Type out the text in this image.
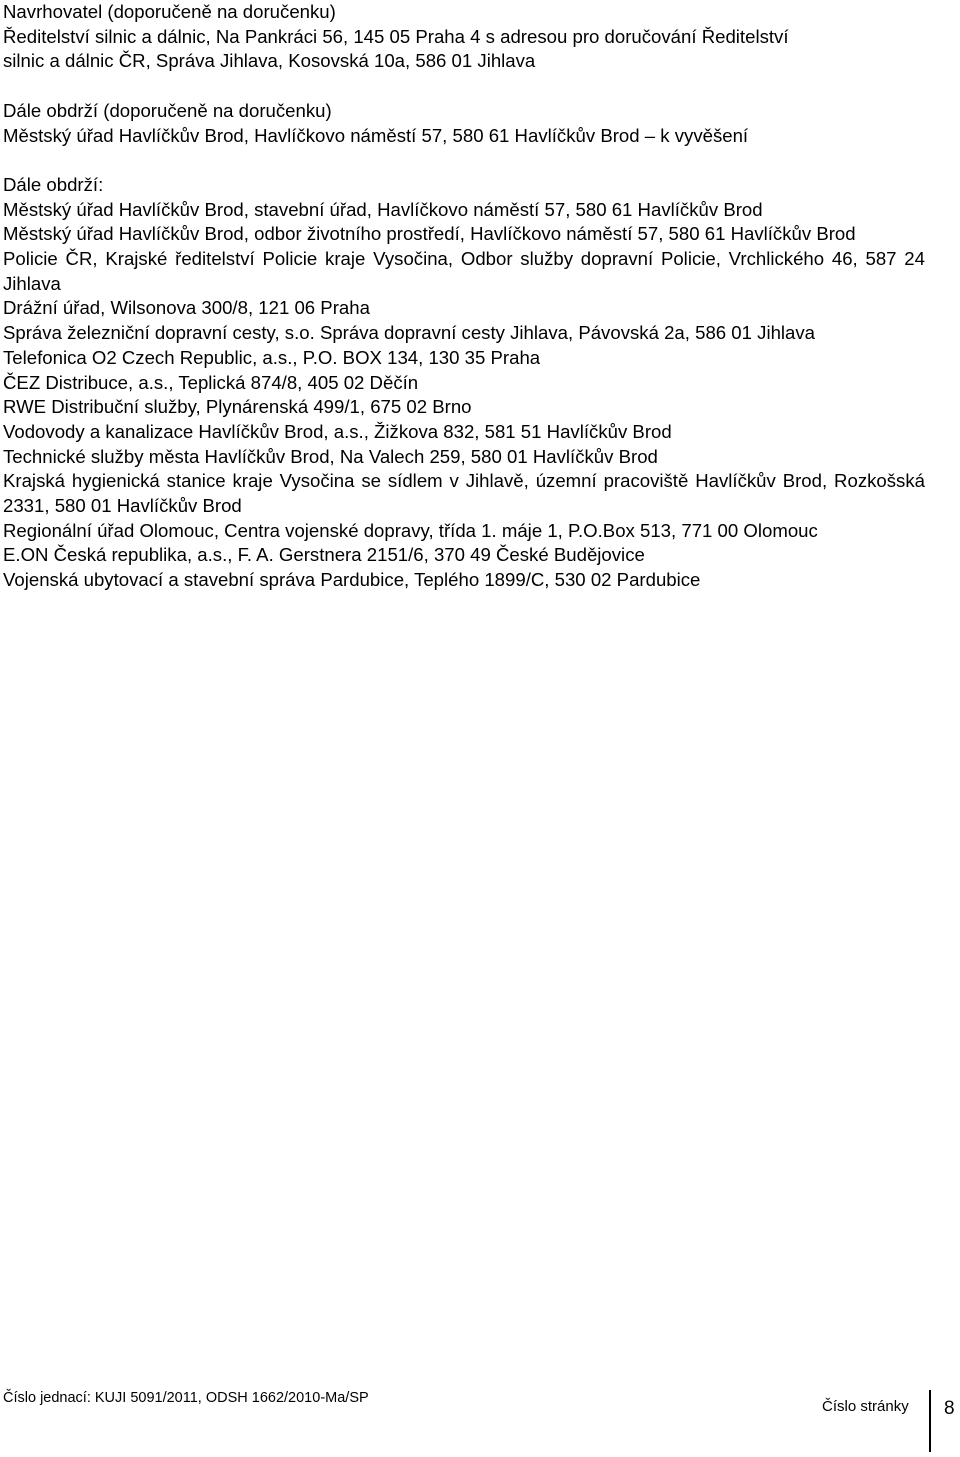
Navrhovatel (doporučeně na doručenku)
Ředitelství silnic a dálnic, Na Pankráci 56, 145 05 Praha 4 s adresou pro doručování Ředitelství
silnic a dálnic ČR, Správa Jihlava, Kosovská 10a, 586 01 Jihlava
Dále obdrží (doporučeně na doručenku)
Městský úřad Havlíčkův Brod, Havlíčkovo náměstí 57, 580 61 Havlíčkův Brod – k vyvěšení
Dále obdrží:
Městský úřad Havlíčkův Brod, stavební úřad, Havlíčkovo náměstí 57, 580 61 Havlíčkův Brod
Městský úřad Havlíčkův Brod, odbor životního prostředí, Havlíčkovo náměstí 57, 580 61 Havlíčkův Brod
Policie ČR, Krajské ředitelství Policie kraje Vysočina, Odbor služby dopravní Policie, Vrchlického 46, 587 24 Jihlava
Drážní úřad, Wilsonova 300/8, 121 06 Praha
Správa železniční dopravní cesty, s.o. Správa dopravní cesty Jihlava, Pávovská 2a, 586 01 Jihlava
Telefonica O2 Czech Republic, a.s., P.O. BOX 134, 130 35 Praha
ČEZ Distribuce, a.s., Teplická 874/8, 405 02 Děčín
RWE Distribuční služby, Plynárenská 499/1, 675 02 Brno
Vodovody a kanalizace Havlíčkův Brod, a.s., Žižkova 832, 581 51 Havlíčkův Brod
Technické služby města Havlíčkův Brod, Na Valech 259, 580 01 Havlíčkův Brod
Krajská hygienická stanice kraje Vysočina se sídlem v Jihlavě, územní pracoviště Havlíčkův Brod, Rozkošská 2331, 580 01 Havlíčkův Brod
Regionální úřad Olomouc, Centra vojenské dopravy, třída 1. máje 1, P.O.Box 513, 771 00 Olomouc
E.ON Česká republika, a.s., F. A. Gerstnera 2151/6, 370 49 České Budějovice
Vojenská ubytovací a stavební správa Pardubice, Teplého 1899/C, 530 02 Pardubice
Číslo jednací: KUJI 5091/2011, ODSH 1662/2010-Ma/SP	Číslo stránky 8
